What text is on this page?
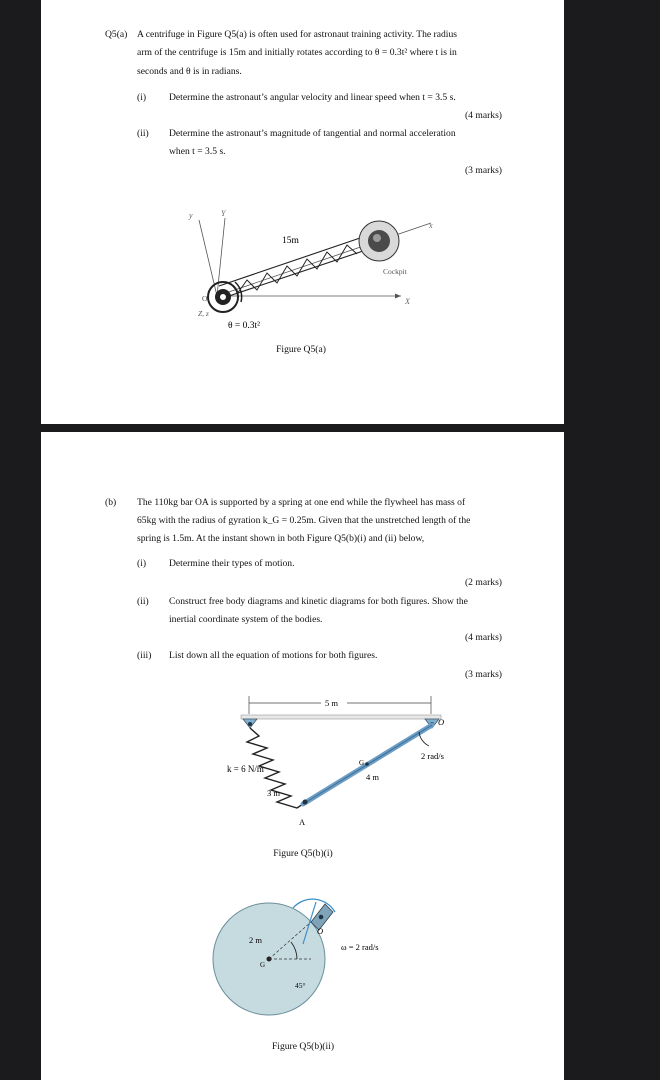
Q5(a) A centrifuge in Figure Q5(a) is often used for astronaut training activity. The radius
arm of the centrifuge is 15m and initially rotates according to θ = 0.3t² where t is in
seconds and θ is in radians.
(i) Determine the astronaut’s angular velocity and linear speed when t = 3.5 s.
(4 marks)
(ii) Determine the astronaut’s magnitude of tangential and normal acceleration
when t = 3.5 s.
(3 marks)
15m
Cockpit
y	Y
x
X
O
Z, z
θ = 0.3t²
Figure Q5(a)
(b) The 110kg bar OA is supported by a spring at one end while the flywheel has mass of
65kg with the radius of gyration k_G = 0.25m. Given that the unstretched length of the
spring is 1.5m. At the instant shown in both Figure Q5(b)(i) and (ii) below,
(i) Determine their types of motion.
(2 marks)
(ii) Construct free body diagrams and kinetic diagrams for both figures. Show the
inertial coordinate system of the bodies.
(4 marks)
(iii) List down all the equation of motions for both figures.
(3 marks)
5 m
O
A
G
k = 6 N/m
3 m
4 m
2 rad/s
2 m
G
O
45°
ω = 2 rad/s
Figure Q5(b)(i)
Figure Q5(b)(ii)
